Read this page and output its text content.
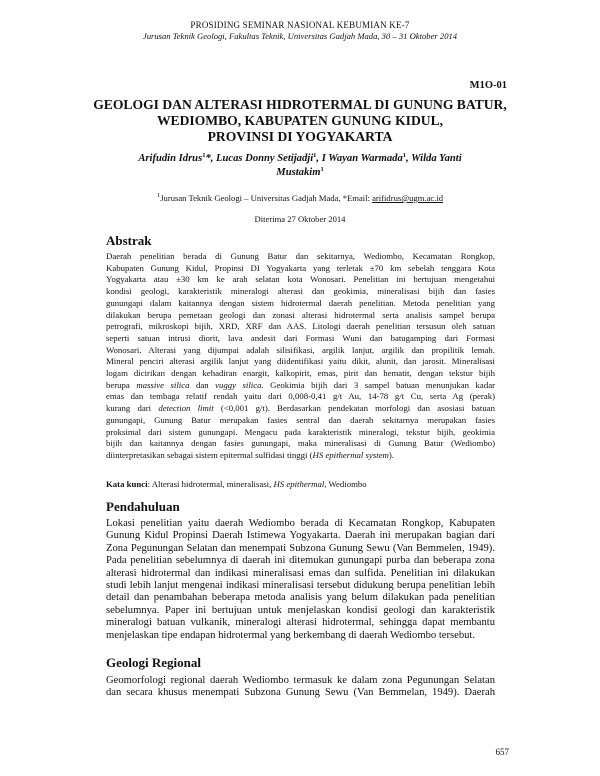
PROSIDING SEMINAR NASIONAL KEBUMIAN KE-7
Jurusan Teknik Geologi, Fakultas Teknik, Universitas Gadjah Mada, 30 – 31 Oktober 2014
M1O-01
GEOLOGI DAN ALTERASI HIDROTERMAL DI GUNUNG BATUR,
WEDIOMBO, KABUPATEN GUNUNG KIDUL,
PROVINSI DI YOGYAKARTA
Arifudin Idrus$^1$*, Lucas Donny Setijadji$^1$, I Wayan Warmada$^1$, Wilda Yanti
Mustakim$^1$
$^1$Jurusan Teknik Geologi – Universitas Gadjah Mada, *Email: arifidrus@ugm.ac.id
Diterima 27 Oktober 2014
Abstrak
Daerah penelitian berada di Gunung Batur dan sekitarnya, Wediombo, Kecamatan Rongkop,
Kabupaten Gunung Kidul, Propinsi DI Yogyakarta yang terletak ±70 km sebelah tenggara Kota
Yogyakarta atau ±30 km ke arah selatan kota Wonosari. Penelitian ini bertujuan mengetahui
kondisi geologi, karakteristik mineralogi alterasi dan geokimia, mineralisasi bijih dan fasies
gunungapi dalam kaitannya dengan sistem hidrotermal daerah penelitian. Metoda penelitian yang
dilakukan berupa pemetaan geologi dan zonasi alterasi hidrotermal serta analisis sampel berupa
petrografi, mikroskopi bijih, XRD, XRF dan AAS. Litologi daerah penelitian tersusun oleh satuan
seperti satuan intrusi diorit, lava andesit dari Formasi Wuni dan batugamping dari Formasi
Wonosari. Alterasi yang dijumpai adalah silisifikasi, argilik lanjut, argilik dan propilitik lemah.
Mineral penciri alterasi argilik lanjut yang diidentifikasi yaitu dikit, alunit, dan jarosit. Mineralisasi
logam dicirikan dengan kehadiran enargit, kalkopirit, emas, pirit dan hematit, dengan tekstur bijih
berupa massive silica dan vuggy silica. Geokimia bijih dari 3 sampel batuan menunjukan kadar
emas dan tembaga relatif rendah yaitu dari 0,008-0,41 g/t Au, 14-78 g/t Cu, serta Ag (perak)
kurang dari detection limit (<0,001 g/t). Berdasarkan pendekatan morfologi dan asosiasi batuan
gunungapi, Gunung Batur merupakan fasies sentral dan daerah sekitarnya merupakan fasies
proksimal dari sistem gunungapi. Mengacu pada karakteristik mineralogi, tekstur bijih, geokimia
bijih dan kaitannya dengan fasies gunungapi, maka mineralisasi di Gunung Batur (Wediombo)
diinterpretasikan sebagai sistem epitermal sulfidasi tinggi (HS epithermal system).
Kata kunci: Alterasi hidrotermal, mineralisasi, HS epithermal, Wediombo
Pendahuluan
Lokasi penelitian yaitu daerah Wediombo berada di Kecamatan Rongkop, Kabupaten
Gunung Kidul Propinsi Daerah Istimewa Yogyakarta. Daerah ini merupakan bagian dari
Zona Pegunungan Selatan dan menempati Subzona Gunung Sewu (Van Bemmelen, 1949).
Pada penelitian sebelumnya di daerah ini ditemukan gunungapi purba dan beberapa zona
alterasi hidrotermal dan indikasi mineralisasi emas dan sulfida. Penelitian ini dilakukan
studi lebih lanjut mengenai indikasi mineralisasi tersebut didukung berupa penelitian lebih
detail dan penambahan beberapa metoda analisis yang belum dilakukan pada penelitian
sebelumnya. Paper ini bertujuan untuk menjelaskan kondisi geologi dan karakteristik
mineralogi batuan vulkanik, mineralogi alterasi hidrotermal, sehingga dapat membantu
menjelaskan tipe endapan hidrotermal yang berkembang di daerah Wediombo tersebut.
Geologi Regional
Geomorfologi regional daerah Wediombo termasuk ke dalam zona Pegunungan Selatan
dan secara khusus menempati Subzona Gunung Sewu (Van Bemmelan, 1949). Daerah
657
